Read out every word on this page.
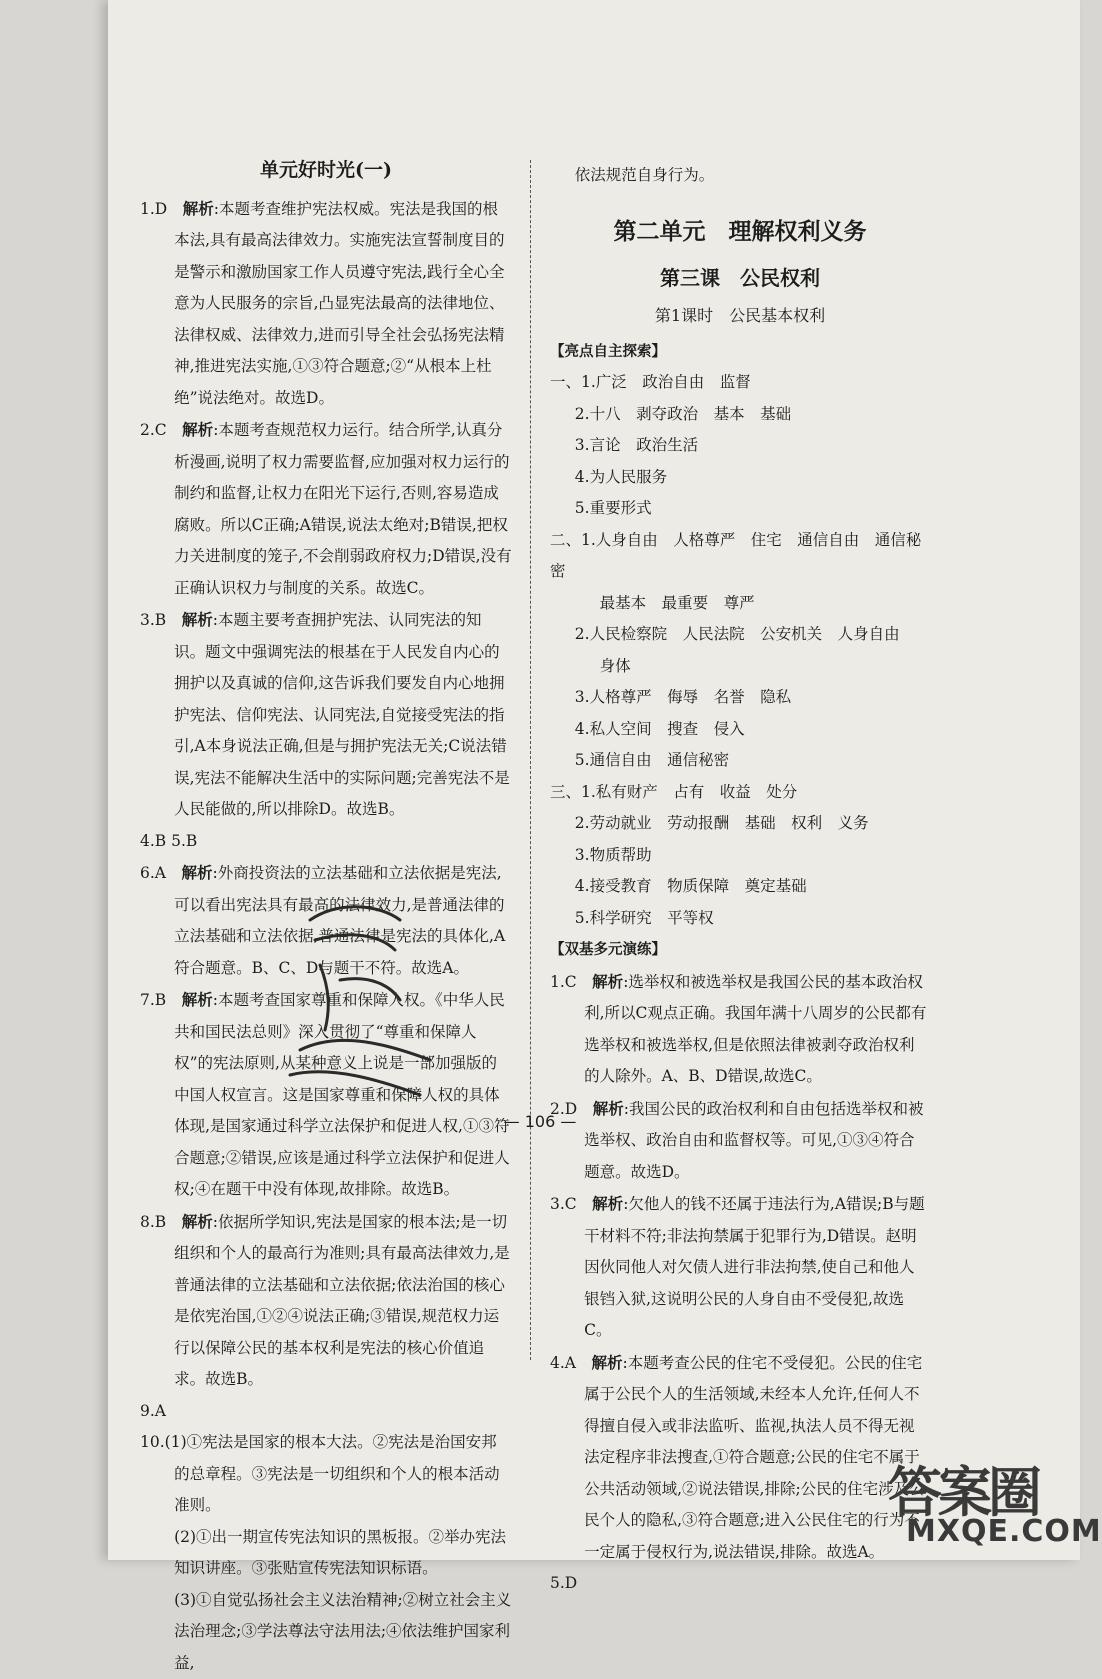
单元好时光(一)

1.D　 解析:本题考查维护宪法权威。宪法是我国的根本法,具有最高法律效力。实施宪法宣誓制度目的是警示和激励国家工作人员遵守宪法,践行全心全意为人民服务的宗旨,凸显宪法最高的法律地位、法律权威、法律效力,进而引导全社会弘扬宪法精神,推进宪法实施,①③符合题意;②“从根本上杜绝”说法绝对。故选D。

2.C　 解析:本题考查规范权力运行。结合所学,认真分析漫画,说明了权力需要监督,应加强对权力运行的制约和监督,让权力在阳光下运行,否则,容易造成腐败。所以C正确;A错误,说法太绝对;B错误,把权力关进制度的笼子,不会削弱政府权力;D错误,没有正确认识权力与制度的关系。故选C。

3.B　 解析:本题主要考查拥护宪法、认同宪法的知识。题文中强调宪法的根基在于人民发自内心的拥护以及真诚的信仰,这告诉我们要发自内心地拥护宪法、信仰宪法、认同宪法,自觉接受宪法的指引,A本身说法正确,但是与拥护宪法无关;C说法错误,宪法不能解决生活中的实际问题;完善宪法不是人民能做的,所以排除D。故选B。

4.B 5.B

6.A　 解析:外商投资法的立法基础和立法依据是宪法,可以看出宪法具有最高的法律效力,是普通法律的立法基础和立法依据,普通法律是宪法的具体化,A符合题意。B、C、D与题干不符。故选A。

7.B　 解析:本题考查国家尊重和保障人权。《中华人民共和国民法总则》深入贯彻了“尊重和保障人权”的宪法原则,从某种意义上说是一部加强版的中国人权宣言。这是国家尊重和保障人权的具体体现,是国家通过科学立法保护和促进人权,①③符合题意;②错误,应该是通过科学立法保护和促进人权;④在题干中没有体现,故排除。故选B。

8.B　 解析:依据所学知识,宪法是国家的根本法;是一切组织和个人的最高行为准则;具有最高法律效力,是普通法律的立法基础和立法依据;依法治国的核心是依宪治国,①②④说法正确;③错误,规范权力运行以保障公民的基本权利是宪法的核心价值追求。故选B。

9.A

10.(1)①宪法是国家的根本大法。②宪法是治国安邦的总章程。③宪法是一切组织和个人的根本活动准则。

(2)①出一期宣传宪法知识的黑板报。②举办宪法知识讲座。③张贴宣传宪法知识标语。

(3)①自觉弘扬社会主义法治精神;②树立社会主义法治理念;③学法尊法守法用法;④依法维护国家利益,

依法规范自身行为。

第二单元　理解权利义务
第三课　公民权利
第1课时　公民基本权利

【亮点自主探索】

一、1.广泛　政治自由　监督

2.十八　剥夺政治　基本　基础

3.言论　政治生活

4.为人民服务

5.重要形式

二、1.人身自由　人格尊严　住宅　通信自由　通信秘密

最基本　最重要　尊严

2.人民检察院　人民法院　公安机关　人身自由

身体

3.人格尊严　侮辱　名誉　隐私

4.私人空间　搜查　侵入

5.通信自由　通信秘密

三、1.私有财产　占有　收益　处分

2.劳动就业　劳动报酬　基础　权利　义务

3.物质帮助

4.接受教育　物质保障　奠定基础

5.科学研究　平等权

【双基多元演练】

1.C　 解析:选举权和被选举权是我国公民的基本政治权利,所以C观点正确。我国年满十八周岁的公民都有选举权和被选举权,但是依照法律被剥夺政治权利的人除外。A、B、D错误,故选C。

2.D　 解析:我国公民的政治权利和自由包括选举权和被选举权、政治自由和监督权等。可见,①③④符合题意。故选D。

3.C　 解析:欠他人的钱不还属于违法行为,A错误;B与题干材料不符;非法拘禁属于犯罪行为,D错误。赵明因伙同他人对欠债人进行非法拘禁,使自己和他人银铛入狱,这说明公民的人身自由不受侵犯,故选C。

4.A　 解析:本题考查公民的住宅不受侵犯。公民的住宅属于公民个人的生活领域,未经本人允许,任何人不得擅自侵入或非法监听、监视,执法人员不得无视法定程序非法搜查,①符合题意;公民的住宅不属于公共活动领域,②说法错误,排除;公民的住宅涉及公民个人的隐私,③符合题意;进入公民住宅的行为不一定属于侵权行为,说法错误,排除。故选A。

5.D

— 106 —
答案圈
MXQE.COM
